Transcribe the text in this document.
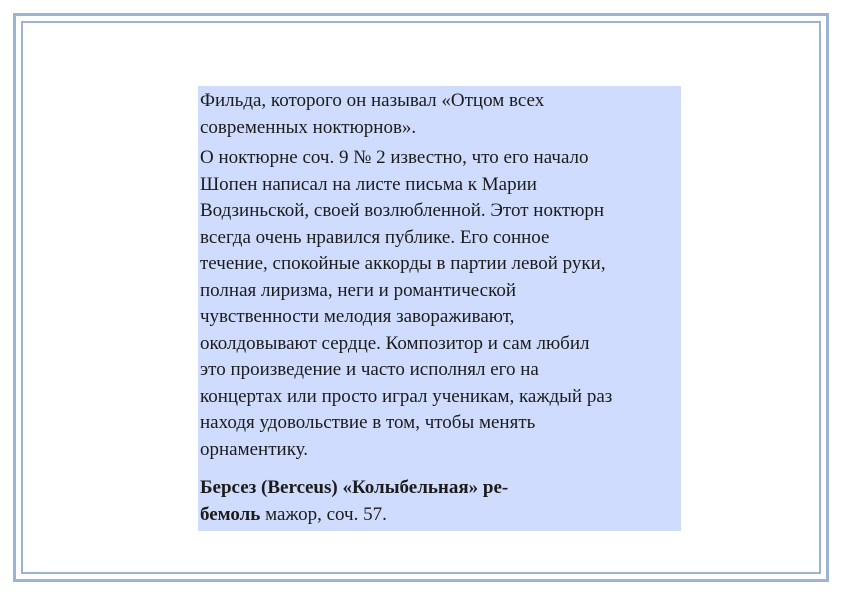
Фильда, которого он называл «Отцом всех
современных ноктюрнов».

О ноктюрне соч. 9 № 2 известно, что его начало
Шопен написал на листе письма к Марии
Водзиньской, своей возлюбленной. Этот ноктюрн
всегда очень нравился публике. Его сонное
течение, спокойные аккорды в партии левой руки,
полная лиризма, неги и романтической
чувственности мелодия завораживают,
околдовывают сердце. Композитор и сам любил
это произведение и часто исполнял его на
концертах или просто играл ученикам, каждый раз
находя удовольствие в том, чтобы менять
орнаментику.

Берсез (Berceus) «Колыбельная» ре-
бемоль мажор, соч. 57.
